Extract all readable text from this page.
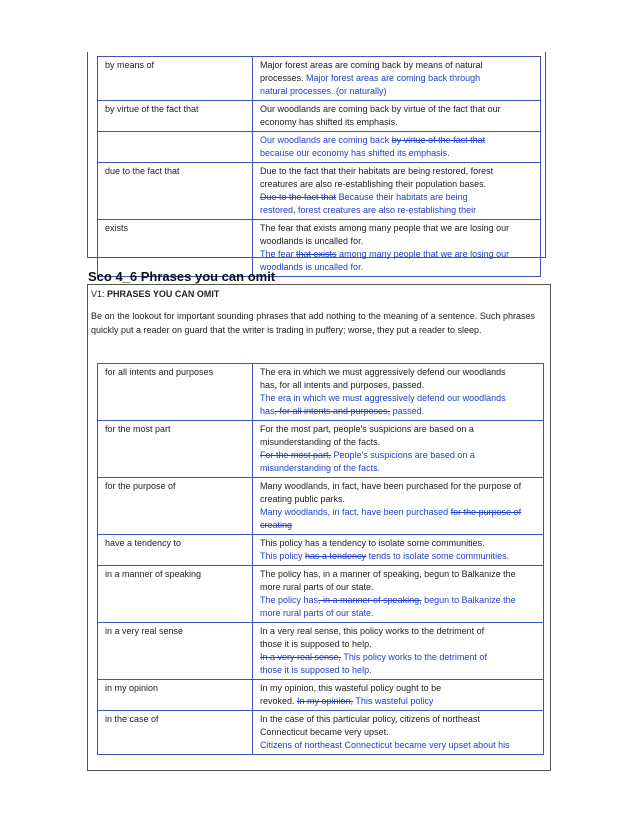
by means of	Major forest areas are coming back by means of natural
processes. Major forest areas are coming back through
natural processes. (or naturally)

by virtue of the fact that	Our woodlands are coming back by virtue of the fact that our
economy has shifted its emphasis.

	Our woodlands are coming back by virtue of the fact that
because our economy has shifted its emphasis.

due to the fact that	Due to the fact that their habitats are being restored, forest
creatures are also re-establishing their population bases.
Due to the fact that Because their habitats are being
restored, forest creatures are also re-establishing their

exists	The fear that exists among many people that we are losing our
woodlands is uncalled for.
The fear that exists among many people that we are losing our
woodlands is uncalled for.
Sco 4_6 Phrases you can omit
V1: PHRASES YOU CAN OMIT
Be on the lookout for important sounding phrases that add nothing to the meaning of a sentence. Such phrases quickly put a reader on guard that the writer is trading in puffery; worse, they put a reader to sleep.
for all intents and purposes	The era in which we must aggressively defend our woodlands
has, for all intents and purposes, passed.
The era in which we must aggressively defend our woodlands
has, for all intents and purposes, passed.

for the most part	For the most part, people's suspicions are based on a
misunderstanding of the facts.
For the most part, People's suspicions are based on a
misunderstanding of the facts.

for the purpose of	Many woodlands, in fact, have been purchased for the purpose of
creating public parks.
Many woodlands, in fact, have been purchased for the purpose of
creating

have a tendency to	This policy has a tendency to isolate some communities.
This policy has a tendency tends to isolate some communities.

in a manner of speaking	The policy has, in a manner of speaking, begun to Balkanize the
more rural parts of our state.
The policy has, in a manner of speaking, begun to Balkanize the
more rural parts of our state.

in a very real sense	In a very real sense, this policy works to the detriment of
those it is supposed to help.
In a very real sense, This policy works to the detriment of
those it is supposed to help.

in my opinion	In my opinion, this wasteful policy ought to be
revoked. In my opinion, This wasteful policy

in the case of	In the case of this particular policy, citizens of northeast
Connecticut became very upset.
Citizens of northeast Connecticut became very upset about his
